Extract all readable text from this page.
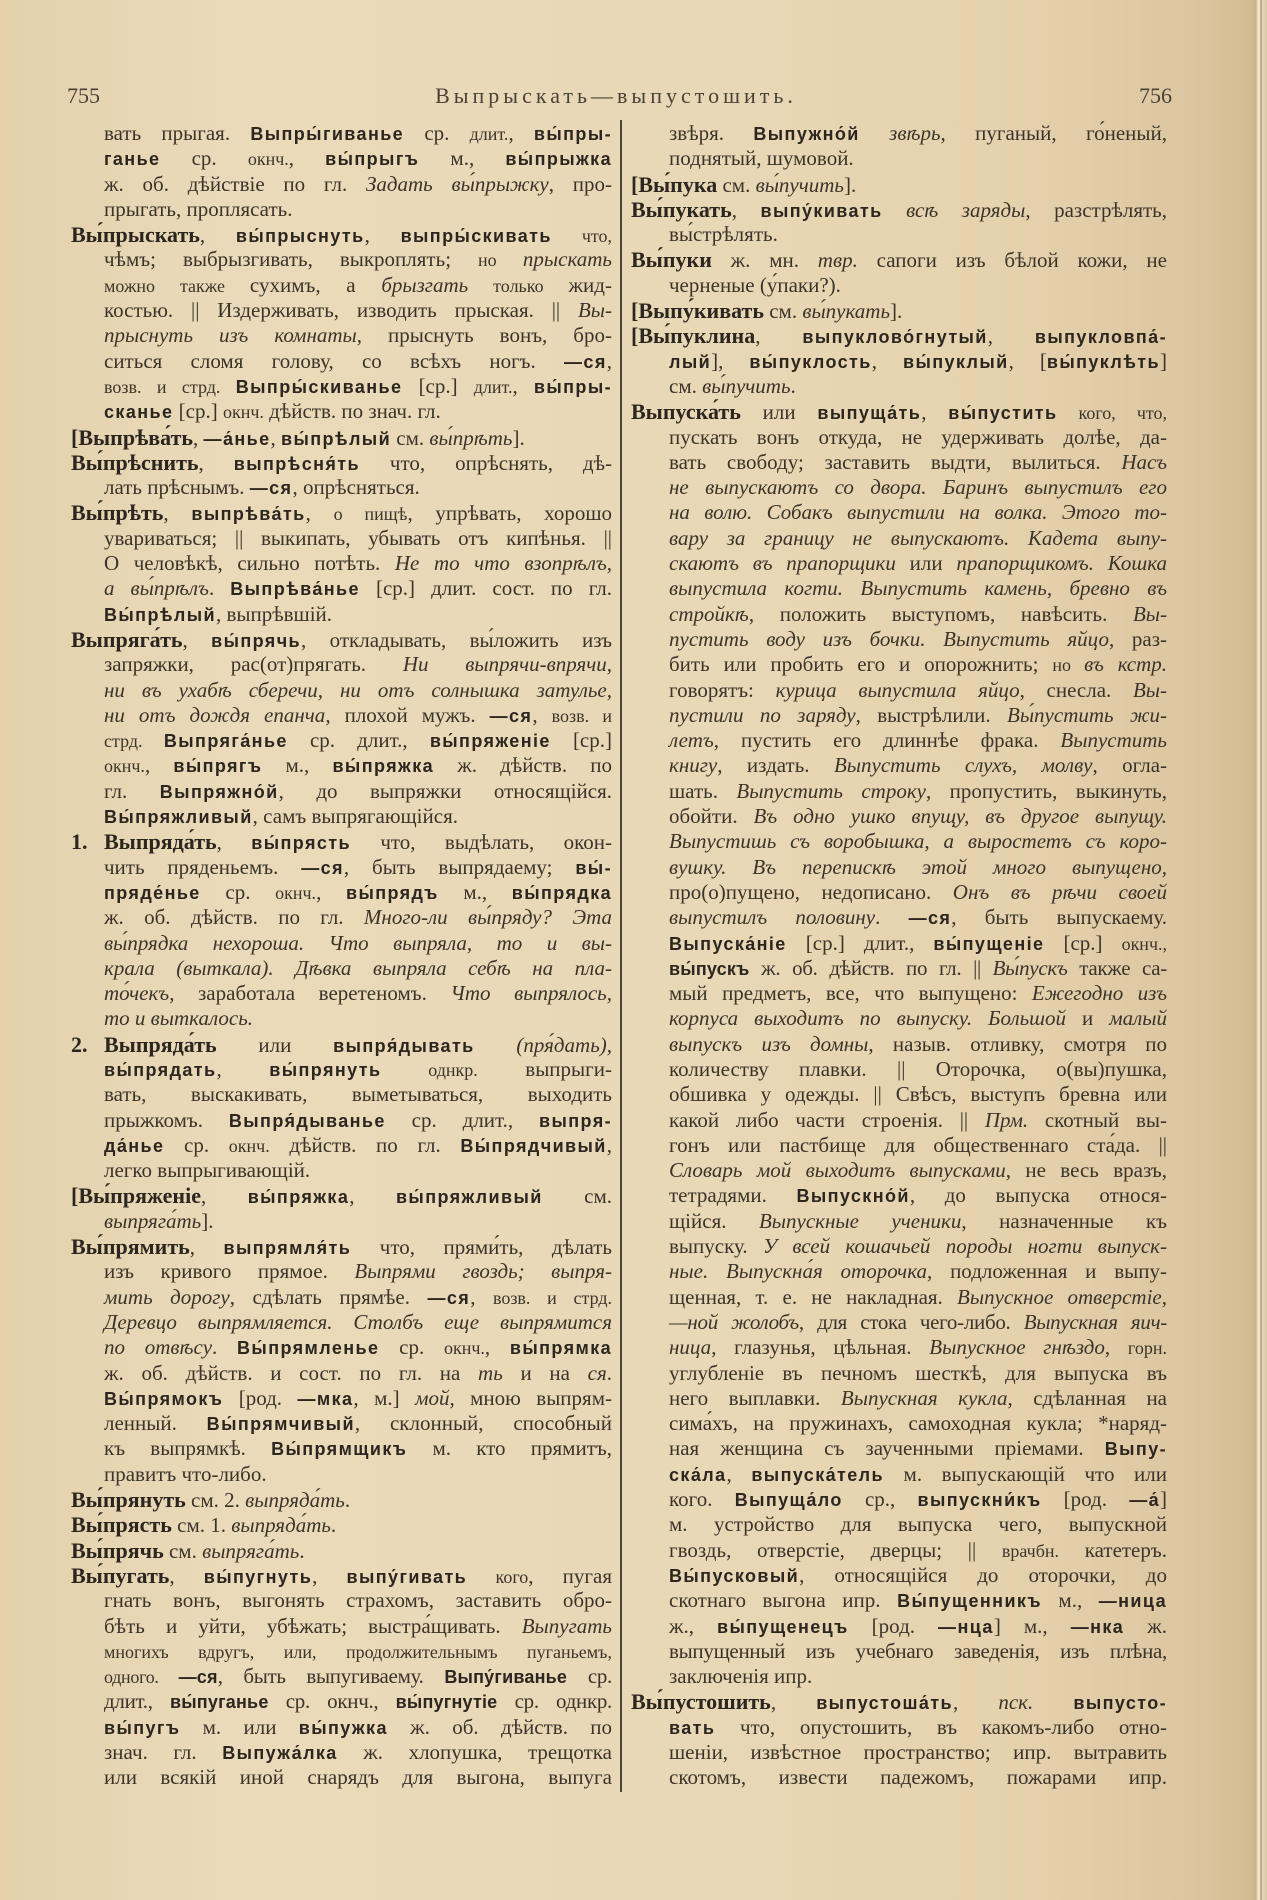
755	Выпрыскать—выпустошить.	756
вать прыгая. Выпры́гиванье ср. длит., вы́пры-
ганье ср. окнч., вы́прыгъ м., вы́прыжка
ж. об. дѣйствіе по гл. Задать вы́прыжку, про-
прыгать, проплясать.
Вы́прыскать, вы́прыснуть, выпры́скивать что,
чѣмъ; выбрызгивать, выкроплять; но прыскать
можно также сухимъ, а брызгать только жид-
костью. || Издерживать, изводить прыская. || Вы-
прыснуть изъ комнаты, прыснуть вонъ, бро-
ситься сломя голову, со всѣхъ ногъ. —ся,
возв. и стрд. Выпры́скиванье [ср.] длит., вы́пры-
сканье [ср.] окнч. дѣйств. по знач. гл.
[Выпрѣва́ть, —а́нье, вы́прѣлый см. вы́прѣть].
Вы́прѣснить, выпрѣсня́ть что, опрѣснять, дѣ-
лать прѣснымъ. —ся, опрѣсняться.
Вы́прѣть, выпрѣва́ть, о пищѣ, упрѣвать, хорошо
увариваться; || выкипать, убывать отъ кипѣнья. ||
О человѣкѣ, сильно потѣть. Не то что взопрѣлъ,
а вы́прѣлъ. Выпрѣва́нье [ср.] длит. сост. по гл.
Вы́прѣлый, выпрѣвшій.
Выпряга́ть, вы́прячь, откладывать, вы́ложить изъ
запряжки, рас(от)прягать. Ни выпрячи-впрячи,
ни въ ухабѣ сберечи, ни отъ солнышка затулье,
ни отъ дождя епанча, плохой мужъ. —ся, возв. и
стрд. Выпряга́нье ср. длит., вы́пряженіе [ср.]
окнч., вы́прягъ м., вы́пряжка ж. дѣйств. по
гл. Выпряжно́й, до выпряжки относящійся.
Вы́пряжливый, самъ выпрягающійся.
1. Выпряда́ть, вы́прясть что, выдѣлать, окон-
чить пряденьемъ. —ся, быть выпрядаему; вы́-
пряде́нье ср. окнч., вы́прядъ м., вы́прядка
ж. об. дѣйств. по гл. Много-ли вы́пряду? Эта
вы́прядка нехороша. Что выпряла, то и вы-
крала (выткала). Дѣвка выпряла себѣ на пла-
то́чекъ, заработала веретеномъ. Что выпрялось,
то и выткалось.
2. Выпряда́ть или выпря́дывать (пря́дать),
вы́прядать, вы́прянуть однкр. выпрыги-
вать, выскакивать, выметываться, выходить
прыжкомъ. Выпря́дыванье ср. длит., выпря-
да́нье ср. окнч. дѣйств. по гл. Вы́прядчивый,
легко выпрыгивающій.
[Вы́пряженіе, вы́пряжка, вы́пряжливый см.
выпряга́ть].
Вы́прямить, выпрямля́ть что, прями́ть, дѣлать
изъ кривого прямое. Выпрями гвоздь; выпря-
мить дорогу, сдѣлать прямѣе. —ся, возв. и стрд.
Деревцо выпрямляется. Столбъ еще выпрямится
по отвѣсу. Вы́прямленье ср. окнч., вы́прямка
ж. об. дѣйств. и сост. по гл. на ть и на ся.
Вы́прямокъ [род. —мка, м.] мой, мною выпрям-
ленный. Вы́прямчивый, склонный, способный
къ выпрямкѣ. Вы́прямщикъ м. кто прямитъ,
правитъ что-либо.
Вы́прянуть см. 2. выпряда́ть.
Вы́прясть см. 1. выпряда́ть.
Вы́прячь см. выпряга́ть.
Вы́пугать, вы́пугнуть, выпу́гивать кого, пугая
гнать вонъ, выгонять страхомъ, заставить обро-
бѣть и уйти, убѣжать; выстра́щивать. Выпугать
многихъ вдругъ, или, продолжительнымъ пуганьемъ,
одного. —ся, быть выпугиваему. Выпу́гиванье ср.
длит., вы́пуганье ср. окнч., вы́пугнутіе ср. однкр.
вы́пугъ м. или вы́пужка ж. об. дѣйств. по
знач. гл. Выпужа́лка ж. хлопушка, трещотка
или всякій иной снарядъ для выгона, выпуга
звѣря. Выпужно́й звѣрь, пуганый, го́неный,
поднятый, шумовой.
[Вы́пука см. вы́пучить].
Вы́пукать, выпу́кивать всѣ заряды, разстрѣлять,
вы́стрѣлять.
Вы́пуки ж. мн. твр. сапоги изъ бѣлой кожи, не
черненые (у́паки?).
[Выпу́кивать см. вы́пукать].
[Вы́пуклина, выпуклово́гнутый, выпукловпа́-
лый], вы́пуклость, вы́пуклый, [вы́пуклѣть]
см. вы́пучить.
Выпуска́ть или выпуща́ть, вы́пустить кого, что,
пускать вонъ откуда, не удерживать долѣе, да-
вать свободу; заставить выдти, вылиться. Насъ
не выпускаютъ со двора. Баринъ выпустилъ его
на волю. Собакъ выпустили на волка. Этого то-
вару за границу не выпускаютъ. Кадета выпу-
скаютъ въ прапорщики или прапорщикомъ. Кошка
выпустила когти. Выпустить камень, бревно въ
стройкѣ, положить выступомъ, навѣсить. Вы-
пустить воду изъ бочки. Выпустить яйцо, раз-
бить или пробить его и опорожнить; но въ кстр.
говорятъ: курица выпустила яйцо, снесла. Вы-
пустили по заряду, выстрѣлили. Вы́пустить жи-
летъ, пустить его длиннѣе фрака. Выпустить
книгу, издать. Выпустить слухъ, молву, огла-
шать. Выпустить строку, пропустить, выкинуть,
обойти. Въ одно ушко впущу, въ другое выпущу.
Выпустишь съ воробышка, а выростетъ съ коро-
вушку. Въ перепискѣ этой много выпущено,
про(о)пущено, недописано. Онъ въ рѣчи своей
выпустилъ половину. —ся, быть выпускаему.
Выпуска́ніе [ср.] длит., вы́пущеніе [ср.] окнч.,
вы́пускъ ж. об. дѣйств. по гл. || Вы́пускъ также са-
мый предметъ, все, что выпущено: Ежегодно изъ
корпуса выходитъ по выпуску. Большой и малый
выпускъ изъ домны, назыв. отливку, смотря по
количеству плавки. || Оторочка, о(вы)пушка,
обшивка у одежды. || Свѣсъ, выступъ бревна или
какой либо части строенія. || Прм. скотный вы-
гонъ или пастбище для общественнаго ста́да. ||
Словарь мой выходитъ выпусками, не весь вразъ,
тетрадями. Выпускно́й, до выпуска относя-
щійся. Выпускные ученики, назначенные къ
выпуску. У всей кошачьей породы ногти выпуск-
ные. Выпускна́я оторочка, подложенная и выпу-
щенная, т. е. не накладная. Выпускное отверстіе,
—ной жолобъ, для стока чего-либо. Выпускная яич-
ница, глазунья, цѣльная. Выпускное гнѣздо, горн.
углубленіе въ печномъ шесткѣ, для выпуска въ
него выплавки. Выпускная кукла, сдѣланная на
сима́хъ, на пружинахъ, самоходная кукла; *наряд-
ная женщина съ заученными пріемами. Выпу-
ска́ла, выпуска́тель м. выпускающій что или
кого. Выпуща́ло ср., выпускни́къ [род. —а́]
м. устройство для выпуска чего, выпускной
гвоздь, отверстіе, дверцы; || врачбн. катетеръ.
Вы́пусковый, относящійся до оторочки, до
скотнаго выгона ипр. Вы́пущенникъ м., —ница
ж., вы́пущенецъ [род. —нца] м., —нка ж.
выпущенный изъ учебнаго заведенія, изъ плѣна,
заключенія ипр.
Вы́пустошить, выпустоша́ть, пск. выпусто-
вать что, опустошить, въ какомъ-либо отно-
шеніи, извѣстное пространство; ипр. вытравить
скотомъ, извести падежомъ, пожарами ипр.
